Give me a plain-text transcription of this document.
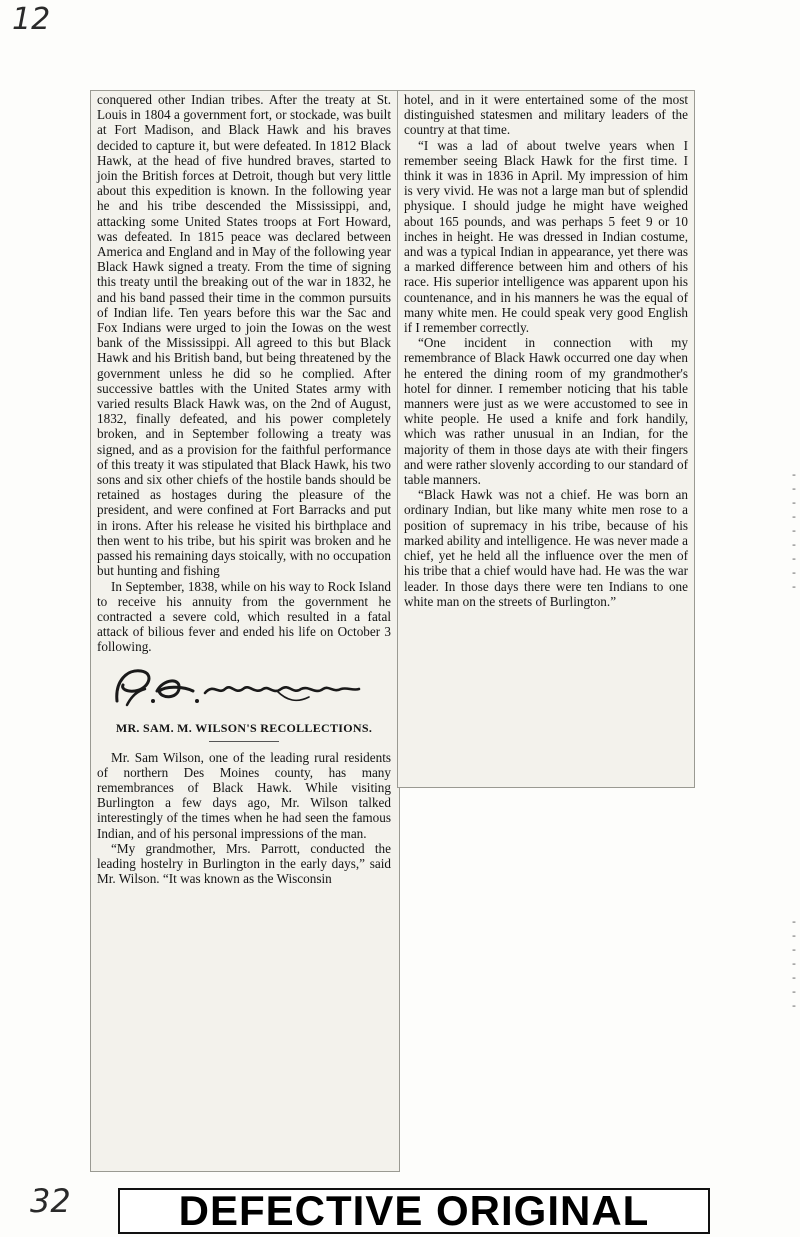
12

conquered other Indian tribes. After the treaty at St. Louis in 1804 a government fort, or stockade, was built at Fort Madison, and Black Hawk and his braves decided to capture it, but were defeated. In 1812 Black Hawk, at the head of five hundred braves, started to join the British forces at Detroit, though but very little about this expedition is known. In the following year he and his tribe descended the Mississippi, and, attacking some United States troops at Fort Howard, was defeated. In 1815 peace was declared between America and England and in May of the following year Black Hawk signed a treaty. From the time of signing this treaty until the breaking out of the war in 1832, he and his band passed their time in the common pursuits of Indian life. Ten years before this war the Sac and Fox Indians were urged to join the Iowas on the west bank of the Mississippi. All agreed to this but Black Hawk and his British band, but being threatened by the government unless he did so he complied. After successive battles with the United States army with varied results Black Hawk was, on the 2nd of August, 1832, finally defeated, and his power completely broken, and in September following a treaty was signed, and as a provision for the faithful performance of this treaty it was stipulated that Black Hawk, his two sons and six other chiefs of the hostile bands should be retained as hostages during the pleasure of the president, and were confined at Fort Barracks and put in irons. After his release he visited his birthplace and then went to his tribe, but his spirit was broken and he passed his remaining days stoically, with no occupation but hunting and fishing

In September, 1838, while on his way to Rock Island to receive his annuity from the government he contracted a severe cold, which resulted in a fatal attack of bilious fever and ended his life on October 3 following.

MR. SAM. M. WILSON'S RECOLLECTIONS.

Mr. Sam Wilson, one of the leading rural residents of northern Des Moines county, has many remembrances of Black Hawk. While visiting Burlington a few days ago, Mr. Wilson talked interestingly of the times when he had seen the famous Indian, and of his personal impressions of the man.

“My grandmother, Mrs. Parrott, conducted the leading hostelry in Burlington in the early days,” said Mr. Wilson. “It was known as the Wisconsin

hotel, and in it were entertained some of the most distinguished statesmen and military leaders of the country at that time.

“I was a lad of about twelve years when I remember seeing Black Hawk for the first time. I think it was in 1836 in April. My impression of him is very vivid. He was not a large man but of splendid physique. I should judge he might have weighed about 165 pounds, and was perhaps 5 feet 9 or 10 inches in height. He was dressed in Indian costume, and was a typical Indian in appearance, yet there was a marked difference between him and others of his race. His superior intelligence was apparent upon his countenance, and in his manners he was the equal of many white men. He could speak very good English if I remember correctly.

“One incident in connection with my remembrance of Black Hawk occurred one day when he entered the dining room of my grandmother's hotel for dinner. I remember noticing that his table manners were just as we were accustomed to see in white people. He used a knife and fork handily, which was rather unusual in an Indian, for the majority of them in those days ate with their fingers and were rather slovenly according to our standard of table manners.

“Black Hawk was not a chief. He was born an ordinary Indian, but like many white men rose to a position of supremacy in his tribe, because of his marked ability and intelligence. He was never made a chief, yet he held all the influence over the men of his tribe that a chief would have had. He was the war leader. In those days there were ten Indians to one white man on the streets of Burlington.”

-
-
-
-
-
-
-
-
-
-
-
-
-
-
-
-
32	DEFECTIVE ORIGINAL
